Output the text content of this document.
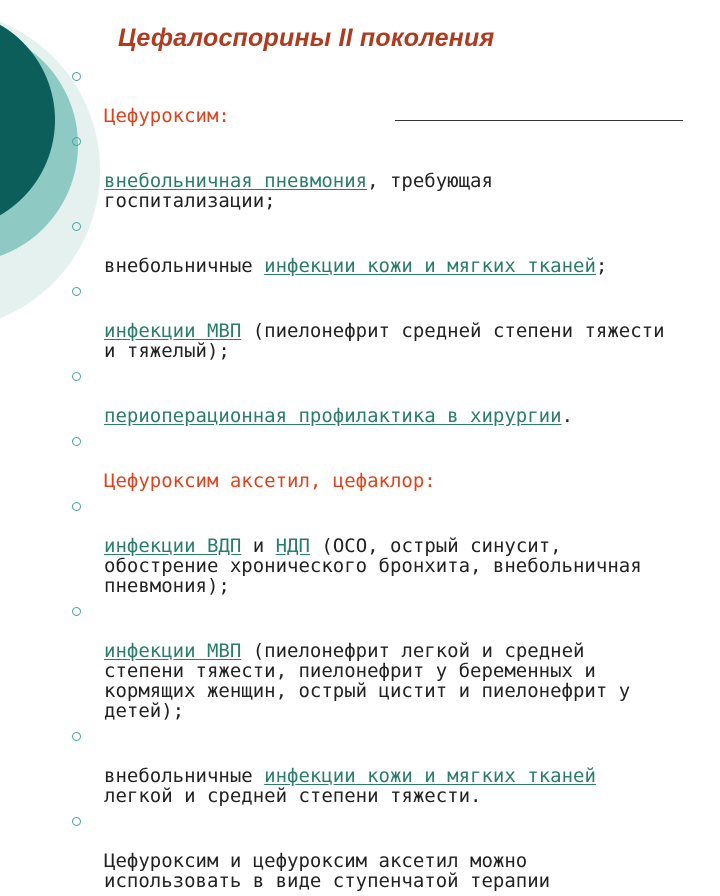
Цефалоспорины II поколения

Цефуроксим:

внебольничная пневмония, требующая
госпитализации;

внебольничные инфекции кожи и мягких тканей;

инфекции МВП (пиелонефрит средней степени тяжести
и тяжелый);

периоперационная профилактика в хирургии.

Цефуроксим аксетил, цефаклор:

инфекции ВДП и НДП (ОСО, острый синусит,
обострение хронического бронхита, внебольничная
пневмония);

инфекции МВП (пиелонефрит легкой и средней
степени тяжести, пиелонефрит у беременных и
кормящих женщин, острый цистит и пиелонефрит у
детей);

внебольничные инфекции кожи и мягких тканей
легкой и средней степени тяжести.

Цефуроксим и цефуроксим аксетил можно
использовать в виде ступенчатой терапии
